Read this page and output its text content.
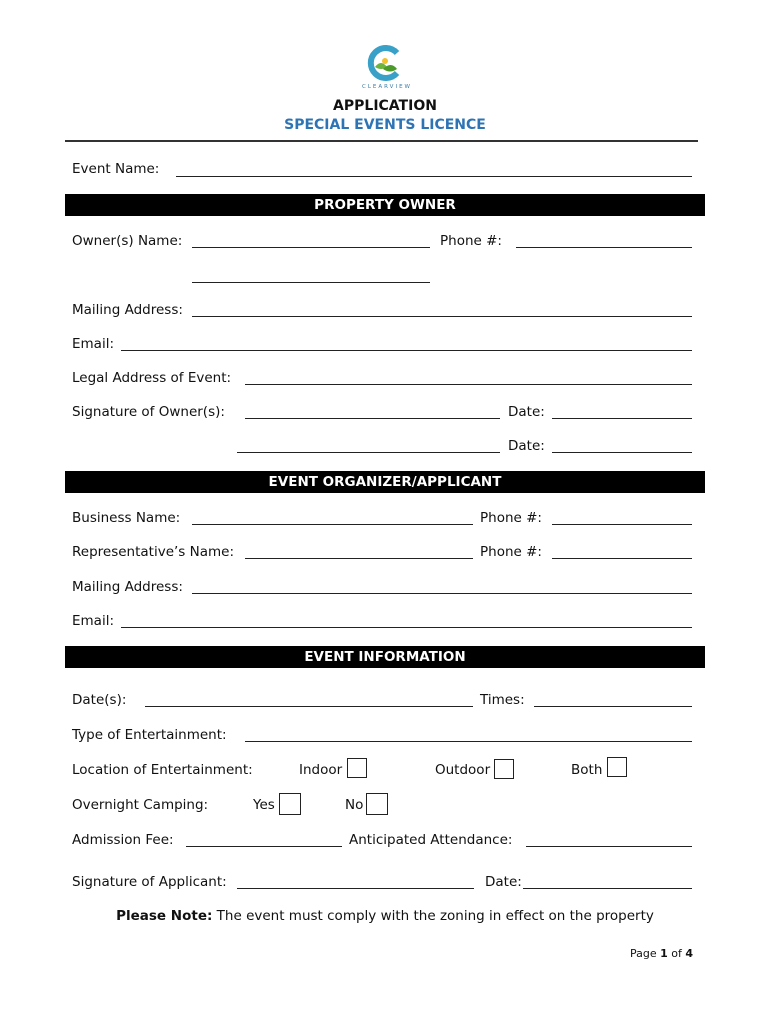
CLEARVIEW
APPLICATION
SPECIAL EVENTS LICENCE
Event Name:
PROPERTY OWNER
Owner(s) Name:	Phone #:
Mailing Address:
Email:
Legal Address of Event:
Signature of Owner(s):	Date:
Date:
EVENT ORGANIZER/APPLICANT
Business Name:	Phone #:
Representative’s Name:	Phone #:
Mailing Address:
Email:
EVENT INFORMATION
Date(s):	Times:
Type of Entertainment:
Location of Entertainment:	Indoor	Outdoor	Both
Overnight Camping:	Yes	No
Admission Fee:	Anticipated Attendance:
Signature of Applicant:	Date:
Please Note: The event must comply with the zoning in effect on the property
Page 1 of 4
